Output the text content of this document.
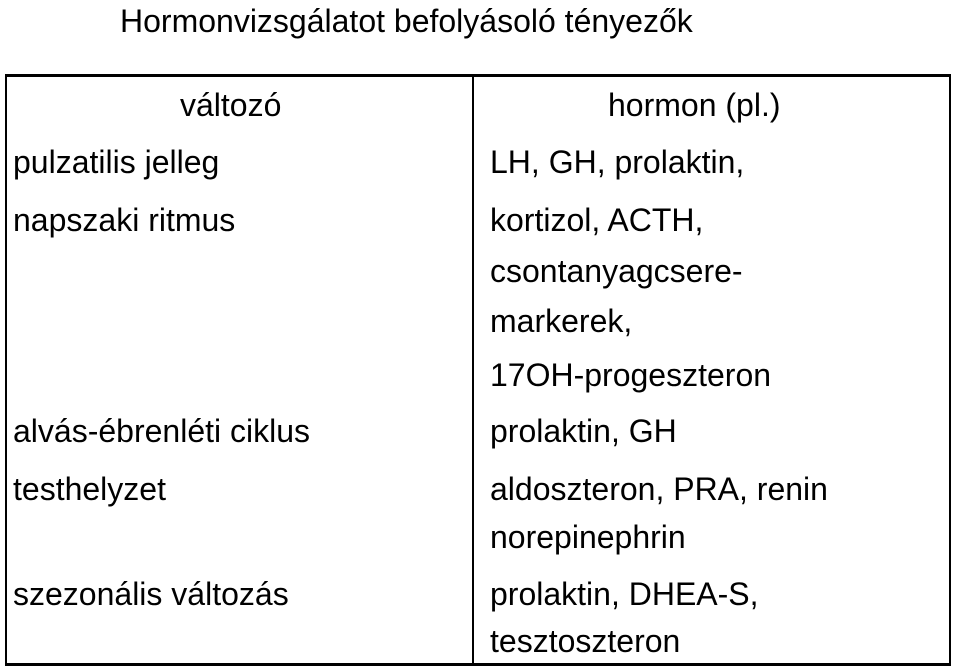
Hormonvizsgálatot befolyásoló tényezők
változó	hormon (pl.)
pulzatilis jelleg	LH, GH, prolaktin,
napszaki ritmus	kortizol, ACTH,
csontanyagcsere-
markerek,
17OH-progeszteron
alvás-ébrenléti ciklus	prolaktin, GH
testhelyzet	aldoszteron, PRA, renin
norepinephrin
szezonális változás	prolaktin, DHEA-S,
tesztoszteron
